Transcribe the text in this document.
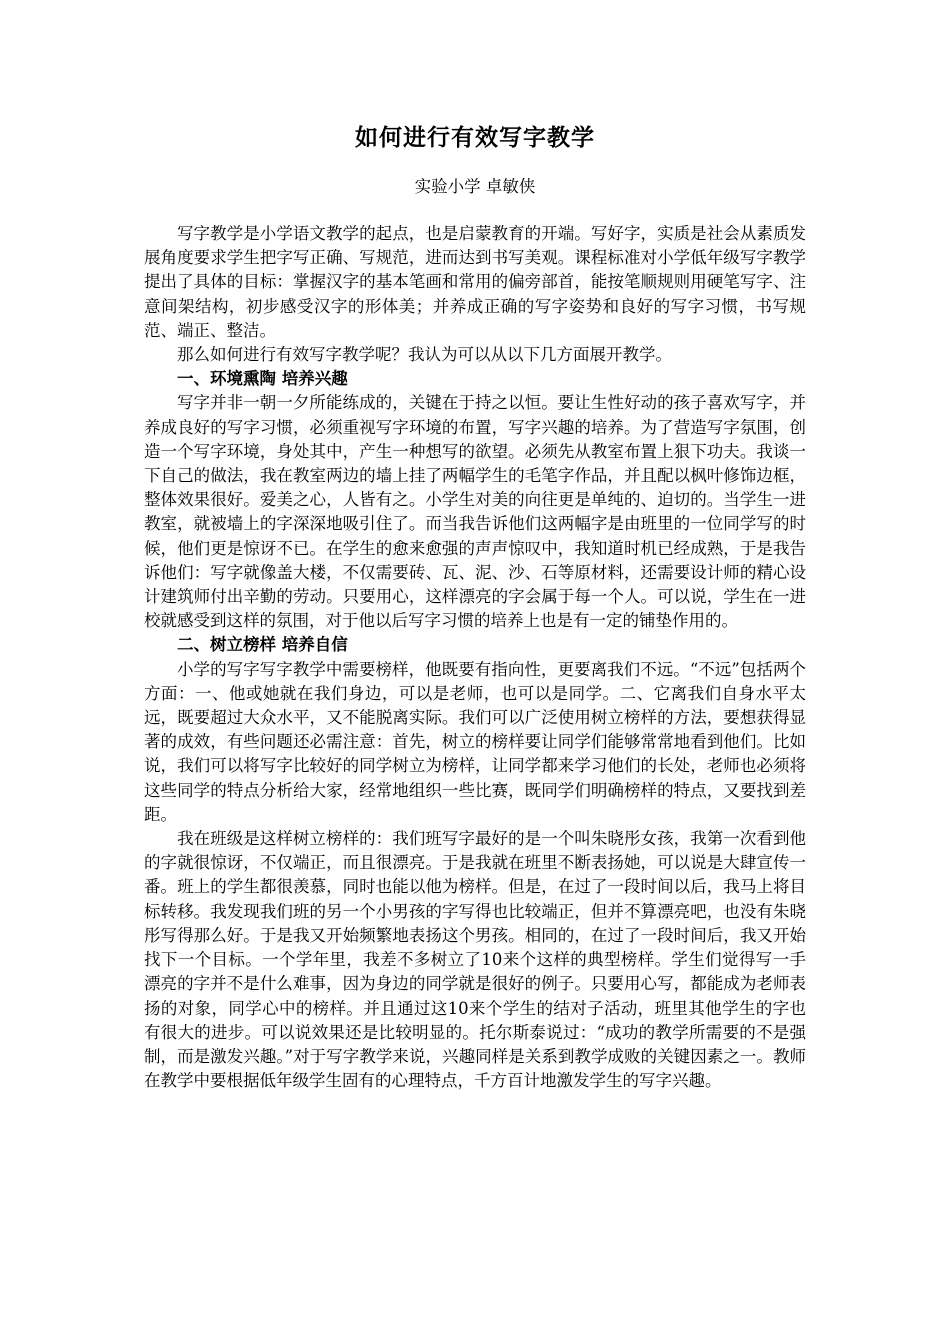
如何进行有效写字教学

实验小学 卓敏侠

写字教学是小学语文教学的起点，也是启蒙教育的开端。写好字，实质是社会从素质发展角度要求学生把字写正确、写规范，进而达到书写美观。课程标准对小学低年级写字教学提出了具体的目标：掌握汉字的基本笔画和常用的偏旁部首，能按笔顺规则用硬笔写字、注意间架结构，初步感受汉字的形体美；并养成正确的写字姿势和良好的写字习惯，书写规范、端正、整洁。

那么如何进行有效写字教学呢？我认为可以从以下几方面展开教学。

一、环境熏陶 培养兴趣

写字并非一朝一夕所能练成的，关键在于持之以恒。要让生性好动的孩子喜欢写字，并养成良好的写字习惯，必须重视写字环境的布置，写字兴趣的培养。为了营造写字氛围，创造一个写字环境，身处其中，产生一种想写的欲望。必须先从教室布置上狠下功夫。我谈一下自己的做法，我在教室两边的墙上挂了两幅学生的毛笔字作品，并且配以枫叶修饰边框，整体效果很好。爱美之心，人皆有之。小学生对美的向往更是单纯的、迫切的。当学生一进教室，就被墙上的字深深地吸引住了。而当我告诉他们这两幅字是由班里的一位同学写的时候，他们更是惊讶不已。在学生的愈来愈强的声声惊叹中，我知道时机已经成熟，于是我告诉他们：写字就像盖大楼，不仅需要砖、瓦、泥、沙、石等原材料，还需要设计师的精心设计建筑师付出辛勤的劳动。只要用心，这样漂亮的字会属于每一个人。可以说，学生在一进校就感受到这样的氛围，对于他以后写字习惯的培养上也是有一定的铺垫作用的。

二、树立榜样 培养自信

小学的写字写字教学中需要榜样，他既要有指向性，更要离我们不远。“不远”包括两个方面：一、他或她就在我们身边，可以是老师，也可以是同学。二、它离我们自身水平太远，既要超过大众水平，又不能脱离实际。我们可以广泛使用树立榜样的方法，要想获得显著的成效，有些问题还必需注意：首先，树立的榜样要让同学们能够常常地看到他们。比如说，我们可以将写字比较好的同学树立为榜样，让同学都来学习他们的长处，老师也必须将这些同学的特点分析给大家，经常地组织一些比赛，既同学们明确榜样的特点，又要找到差距。

我在班级是这样树立榜样的：我们班写字最好的是一个叫朱晓彤女孩，我第一次看到他的字就很惊讶，不仅端正，而且很漂亮。于是我就在班里不断表扬她，可以说是大肆宣传一番。班上的学生都很羡慕，同时也能以他为榜样。但是，在过了一段时间以后，我马上将目标转移。我发现我们班的另一个小男孩的字写得也比较端正，但并不算漂亮吧，也没有朱晓彤写得那么好。于是我又开始频繁地表扬这个男孩。相同的，在过了一段时间后，我又开始找下一个目标。一个学年里，我差不多树立了10来个这样的典型榜样。学生们觉得写一手漂亮的字并不是什么难事，因为身边的同学就是很好的例子。只要用心写，都能成为老师表扬的对象，同学心中的榜样。并且通过这10来个学生的结对子活动，班里其他学生的字也有很大的进步。可以说效果还是比较明显的。托尔斯泰说过：“成功的教学所需要的不是强制，而是激发兴趣。”对于写字教学来说，兴趣同样是关系到教学成败的关键因素之一。教师在教学中要根据低年级学生固有的心理特点，千方百计地激发学生的写字兴趣。
